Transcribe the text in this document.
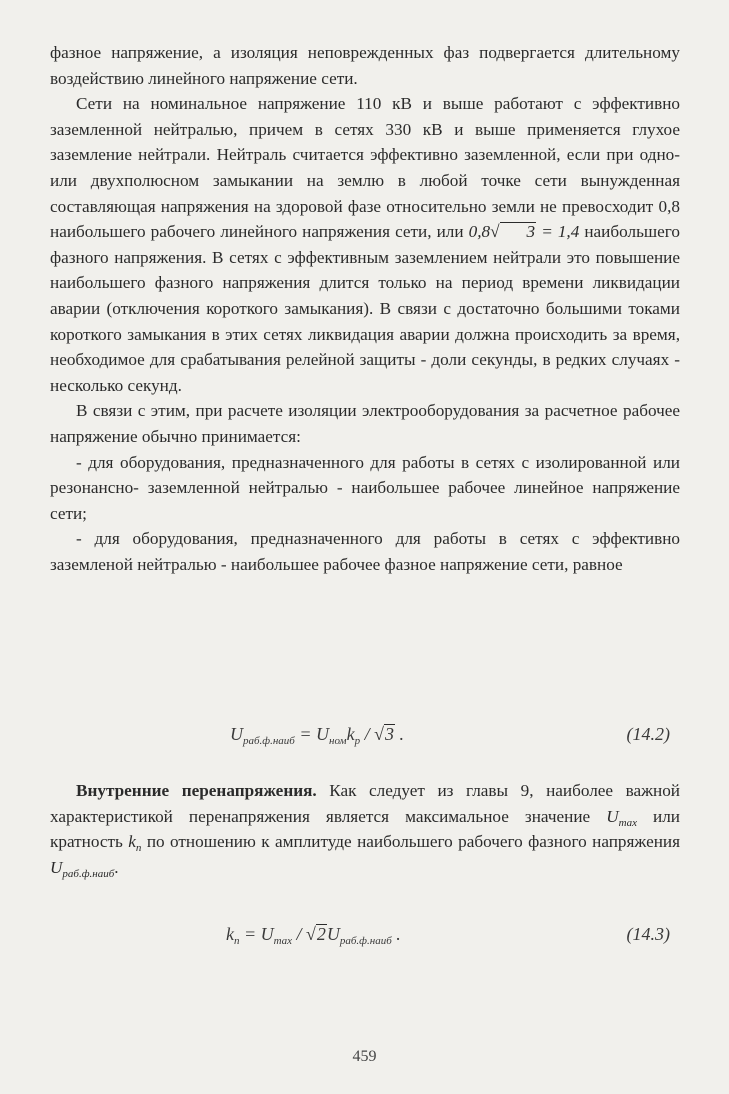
фазное напряжение, а изоляция неповрежденных фаз подвергается длительному воздействию линейного напряжение сети.

Сети на номинальное напряжение 110 кВ и выше работают с эффективно заземленной нейтралью, причем в сетях 330 кВ и выше применяется глухое заземление нейтрали. Нейтраль считается эффективно заземленной, если при одно- или двухполюсном замыкании на землю в любой точке сети вынужденная составляющая напряжения на здоровой фазе относительно земли не превосходит 0,8 наибольшего рабочего линейного напряжения сети, или 0,8√ 3 = 1,4 наибольшего фазного напряжения. В сетях с эффективным заземлением нейтрали это повышение наибольшего фазного напряжения длится только на период времени ликвидации аварии (отключения короткого замыкания). В связи с достаточно большими токами короткого замыкания в этих сетях ликвидация аварии должна происходить за время, необходимое для срабатывания релейной защиты - доли секунды, в редких случаях - несколько секунд.

В связи с этим, при расчете изоляции электрооборудования за расчетное рабочее напряжение обычно принимается:

- для оборудования, предназначенного для работы в сетях с изолированной или резонансно- заземленной нейтралью - наибольшее рабочее линейное напряжение сети;

- для оборудования, предназначенного для работы в сетях с эффективно заземленой нейтралью - наибольшее рабочее фазное напряжение сети, равное

$U_{раб.ф.наиб} = U_{ном}k_p / √3$ .	(14.2)

Внутренние перенапряжения. Как следует из главы 9, наиболее важной характеристикой перенапряжения является максимальное значение $U_{max}$ или кратность $k_п$ по отношению к амплитуде наибольшего рабочего фазного напряжения $U_{раб.ф.наиб}$.

$k_п = U_{max} / √2U_{раб.ф.наиб}$ .	(14.3)
459
